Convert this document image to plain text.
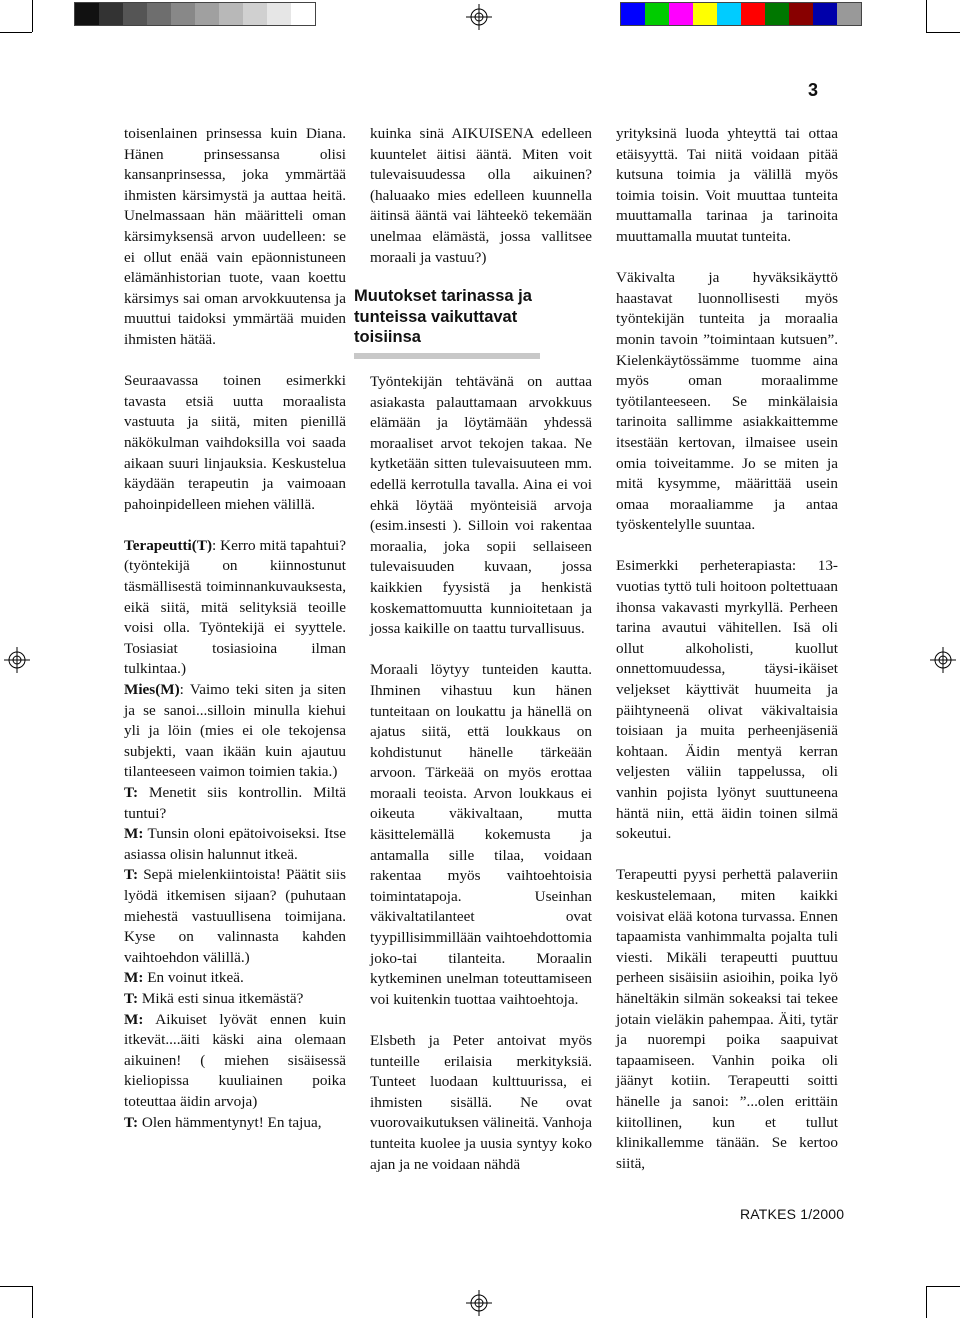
3

toisenlainen prinsessa kuin Diana. Hänen prinsessansa olisi kansanprinsessa, joka ymmärtää ihmisten kärsimystä ja auttaa heitä. Unelmassaan hän määritteli oman kärsimyksensä arvon uudelleen: se ei ollut enää vain epäonnistuneen elämänhistorian tuote, vaan koettu kärsimys sai oman arvokkuutensa ja muuttui taidoksi ymmärtää muiden ihmisten hätää.

Seuraavassa toinen esimerkki tavasta etsiä uutta moraalista vastuuta ja siitä, miten pienillä näkökulman vaihdoksilla voi saada aikaan suuri linjauksia. Keskustelua käydään terapeutin ja vaimoaan pahoinpidelleen miehen välillä.

Terapeutti(T): Kerro mitä tapahtui? (työntekijä on kiinnostunut täsmällisestä toiminnankuvauksesta, eikä siitä, mitä selityksiä teoille voisi olla. Työntekijä ei syyttele. Tosiasiat tosiasioina ilman tulkintaa.)

Mies(M): Vaimo teki siten ja siten ja se sanoi...silloin minulla kiehui yli ja löin (mies ei ole tekojensa subjekti, vaan ikään kuin ajautuu tilanteeseen vaimon toimien takia.)

T: Menetit siis kontrollin. Miltä tuntui?

M: Tunsin oloni epätoivoiseksi. Itse asiassa olisin halunnut itkeä.

T: Sepä mielenkiintoista! Päätit siis lyödä itkemisen sijaan? (puhutaan miehestä vastuullisena toimijana. Kyse on valinnasta kahden vaihtoehdon välillä.)

M: En voinut itkeä.

T: Mikä esti sinua itkemästä?

M: Aikuiset lyövät ennen kuin itkevät....äiti käski aina olemaan aikuinen! ( miehen sisäisessä kieliopissa kuuliainen poika toteuttaa äidin arvoja)

T: Olen hämmentynyt! En tajua,

kuinka sinä AIKUISENA edelleen kuuntelet äitisi ääntä. Miten voit tulevaisuudessa olla aikuinen? (haluaako mies edelleen kuunnella äitinsä ääntä vai lähteekö tekemään unelmaa elämästä, jossa vallitsee moraali ja vastuu?)

Muutokset tarinassa ja tunteissa vaikuttavat toisiinsa

Työntekijän tehtävänä on auttaa asiakasta palauttamaan arvokkuus elämään ja löytämään yhdessä moraaliset arvot tekojen takaa. Ne kytketään sitten tulevaisuuteen mm. edellä kerrotulla tavalla. Aina ei voi ehkä löytää myönteisiä arvoja (esim.insesti ). Silloin voi rakentaa moraalia, joka sopii sellaiseen tulevaisuuden kuvaan, jossa kaikkien fyysistä ja henkistä koskemattomuutta kunnioitetaan ja jossa kaikille on taattu turvallisuus.

Moraali löytyy tunteiden kautta. Ihminen vihastuu kun hänen tunteitaan on loukattu ja hänellä on ajatus siitä, että loukkaus on kohdistunut hänelle tärkeään arvoon. Tärkeää on myös erottaa moraali teoista. Arvon loukkaus ei oikeuta väkivaltaan, mutta käsittelemällä kokemusta ja antamalla sille tilaa, voidaan rakentaa myös vaihtoehtoisia toimintatapoja. Useinhan väkivaltatilanteet ovat tyypillisimmillään vaihtoehdottomia joko-tai tilanteita. Moraalin kytkeminen unelman toteuttamiseen voi kuitenkin tuottaa vaihtoehtoja.

Elsbeth ja Peter antoivat myös tunteille erilaisia merkityksiä. Tunteet luodaan kulttuurissa, ei ihmisten sisällä. Ne ovat vuorovaikutuksen välineitä. Vanhoja tunteita kuolee ja uusia syntyy koko ajan ja ne voidaan nähdä

yrityksinä luoda yhteyttä tai ottaa etäisyyttä. Tai niitä voidaan pitää kutsuna toimia ja välillä myös toimia toisin. Voit muuttaa tunteita muuttamalla tarinaa ja tarinoita muuttamalla muutat tunteita.

Väkivalta ja hyväksikäyttö haastavat luonnollisesti myös työntekijän tunteita ja moraalia monin tavoin ”toimintaan kutsuen”. Kielenkäytössämme tuomme aina myös oman moraalimme työtilanteeseen. Se minkälaisia tarinoita sallimme asiakkaittemme itsestään kertovan, ilmaisee usein omia toiveitamme. Jo se miten ja mitä kysymme, määrittää usein omaa moraaliamme ja antaa työskentelylle suuntaa.

Esimerkki perheterapiasta: 13-vuotias tyttö tuli hoitoon poltettuaan ihonsa vakavasti myrkyllä. Perheen tarina avautui vähitellen. Isä oli ollut alkoholisti, kuollut onnettomuudessa, täysi-ikäiset veljekset käyttivät huumeita ja päihtyneenä olivat väkivaltaisia toisiaan ja muita perheenjäseniä kohtaan. Äidin mentyä kerran veljesten väliin tappelussa, oli vanhin pojista lyönyt suuttuneena häntä niin, että äidin toinen silmä sokeutui.

Terapeutti pyysi perhettä palaveriin keskustelemaan, miten kaikki voisivat elää kotona turvassa. Ennen tapaamista vanhimmalta pojalta tuli viesti. Mikäli terapeutti puuttuu perheen sisäisiin asioihin, poika lyö häneltäkin silmän sokeaksi tai tekee jotain vieläkin pahempaa. Äiti, tytär ja nuorempi poika saapuivat tapaamiseen. Vanhin poika oli jäänyt kotiin. Terapeutti soitti hänelle ja sanoi: ”...olen erittäin kiitollinen, kun et tullut klinikallemme tänään. Se kertoo siitä,

RATKES 1/2000
